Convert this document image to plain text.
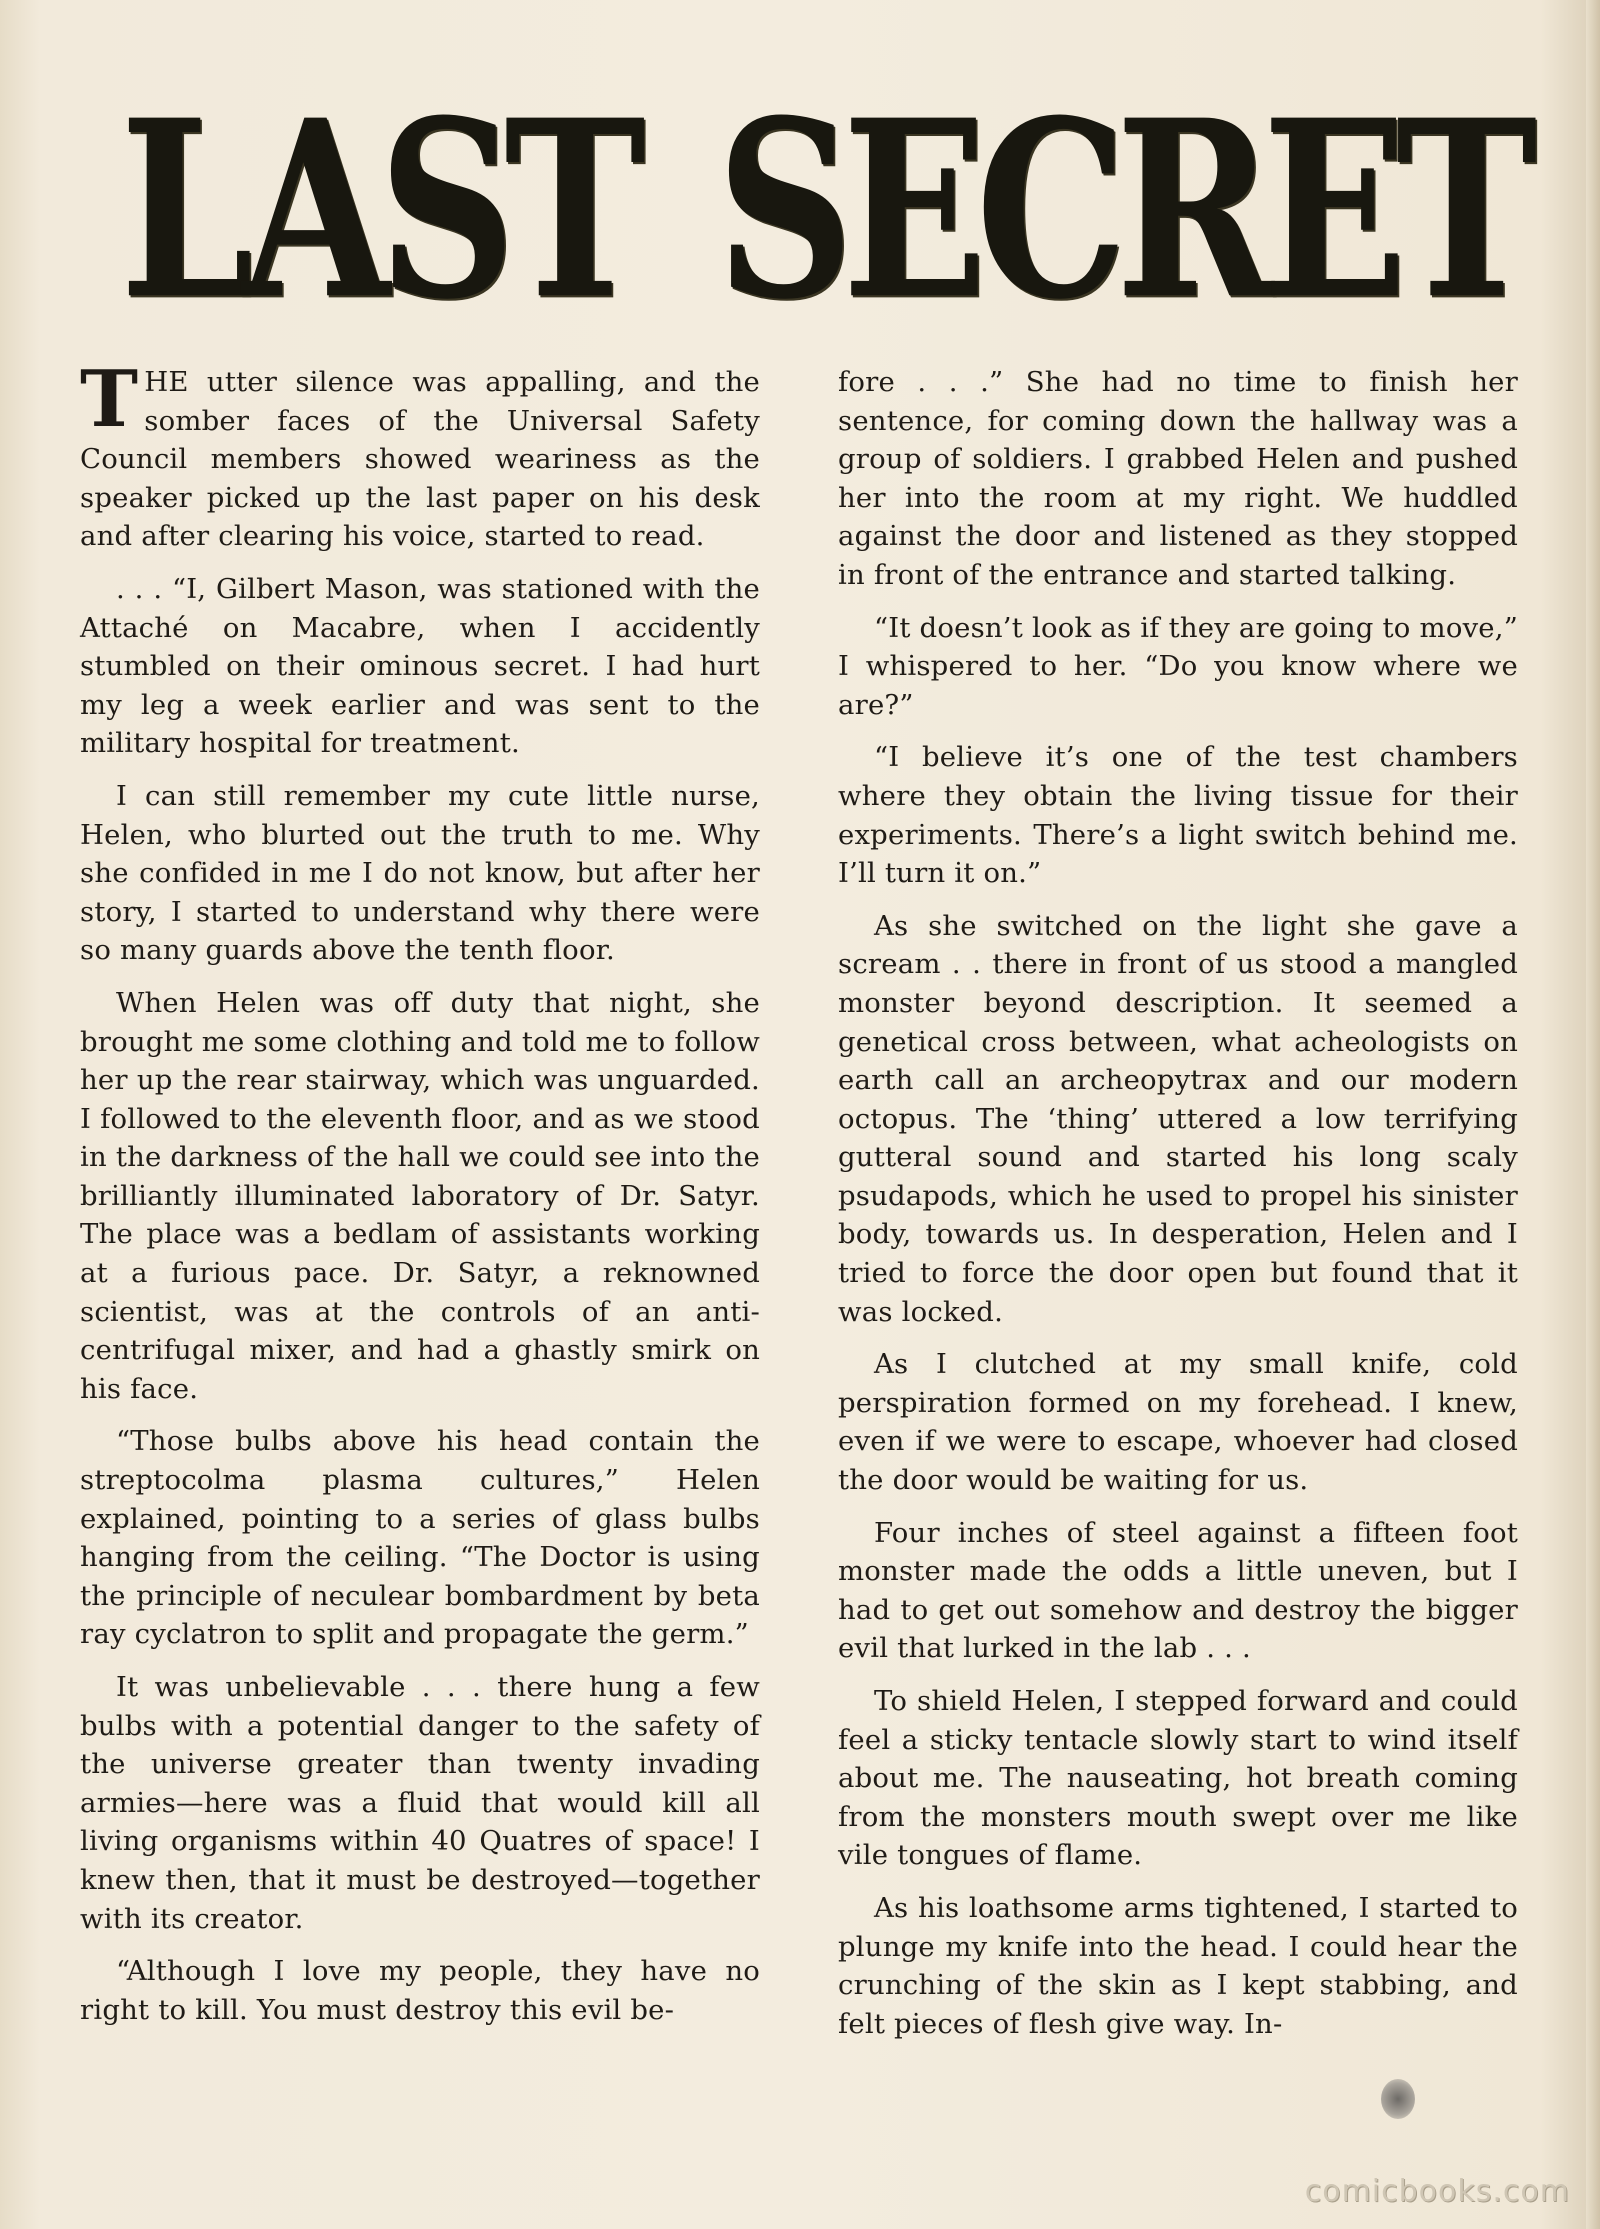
LAST SECRET

THE utter silence was appalling, and the somber faces of the Universal Safety Council members showed weariness as the speaker picked up the last paper on his desk and after clearing his voice, started to read.

. . . “I, Gilbert Mason, was stationed with the Attaché on Macabre, when I accidently stumbled on their ominous secret. I had hurt my leg a week earlier and was sent to the military hospital for treatment.

I can still remember my cute little nurse, Helen, who blurted out the truth to me. Why she confided in me I do not know, but after her story, I started to understand why there were so many guards above the tenth floor.

When Helen was off duty that night, she brought me some clothing and told me to follow her up the rear stairway, which was unguarded. I followed to the eleventh floor, and as we stood in the darkness of the hall we could see into the brilliantly illuminated laboratory of Dr. Satyr. The place was a bedlam of assistants working at a furious pace. Dr. Satyr, a reknowned scientist, was at the controls of an anti-centrifugal mixer, and had a ghastly smirk on his face.

“Those bulbs above his head contain the streptocolma plasma cultures,” Helen explained, pointing to a series of glass bulbs hanging from the ceiling. “The Doctor is using the principle of neculear bombardment by beta ray cyclatron to split and propagate the germ.”

It was unbelievable . . . there hung a few bulbs with a potential danger to the safety of the universe greater than twenty invading armies—here was a fluid that would kill all living organisms within 40 Quatres of space! I knew then, that it must be destroyed—together with its creator.

“Although I love my people, they have no right to kill. You must destroy this evil be-

fore . . .” She had no time to finish her sentence, for coming down the hallway was a group of soldiers. I grabbed Helen and pushed her into the room at my right. We huddled against the door and listened as they stopped in front of the entrance and started talking.

“It doesn’t look as if they are going to move,” I whispered to her. “Do you know where we are?”

“I believe it’s one of the test chambers where they obtain the living tissue for their experiments. There’s a light switch behind me. I’ll turn it on.”

As she switched on the light she gave a scream . . there in front of us stood a mangled monster beyond description. It seemed a genetical cross between, what acheologists on earth call an archeopytrax and our modern octopus. The ‘thing’ uttered a low terrifying gutteral sound and started his long scaly psudapods, which he used to propel his sinister body, towards us. In desperation, Helen and I tried to force the door open but found that it was locked.

As I clutched at my small knife, cold perspiration formed on my forehead. I knew, even if we were to escape, whoever had closed the door would be waiting for us.

Four inches of steel against a fifteen foot monster made the odds a little uneven, but I had to get out somehow and destroy the bigger evil that lurked in the lab . . .

To shield Helen, I stepped forward and could feel a sticky tentacle slowly start to wind itself about me. The nauseating, hot breath coming from the monsters mouth swept over me like vile tongues of flame.

As his loathsome arms tightened, I started to plunge my knife into the head. I could hear the crunching of the skin as I kept stabbing, and felt pieces of flesh give way. In-

comicbooks.com
